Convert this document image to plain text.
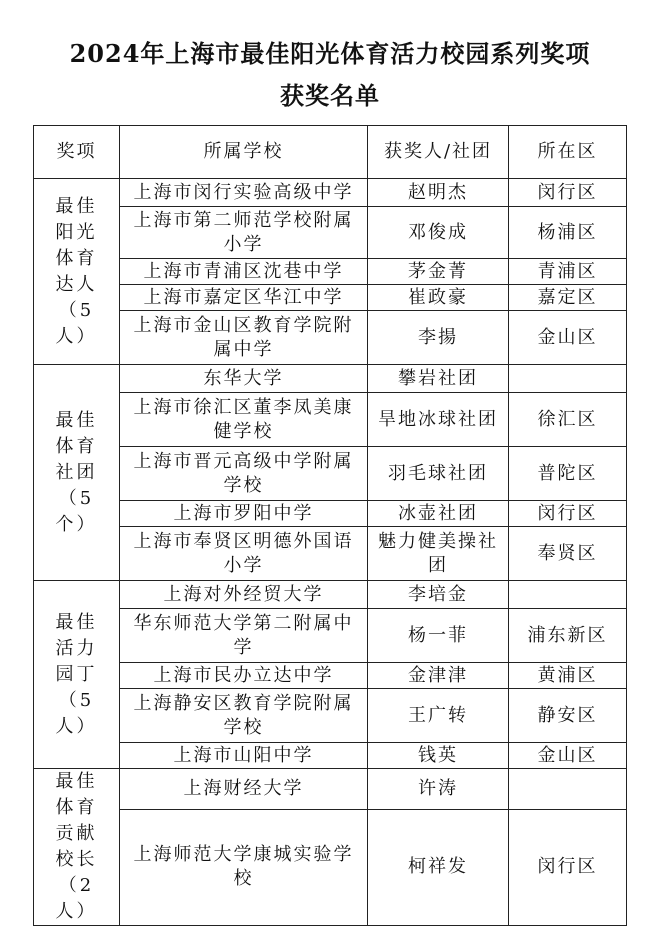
2024年上海市最佳阳光体育活力校园系列奖项
获奖名单
奖项	所属学校	获奖人/社团	所在区
最佳阳光体育达人（5人）	上海市闵行实验高级中学	赵明杰	闵行区
	上海市第二师范学校附属小学	邓俊成	杨浦区
	上海市青浦区沈巷中学	茅金菁	青浦区
	上海市嘉定区华江中学	崔政豪	嘉定区
	上海市金山区教育学院附属中学	李揚	金山区
最佳体育社团（5个）	东华大学	攀岩社团	
	上海市徐汇区董李凤美康健学校	旱地冰球社团	徐汇区
	上海市晋元高级中学附属学校	羽毛球社团	普陀区
	上海市罗阳中学	冰壶社团	闵行区
	上海市奉贤区明德外国语小学	魅力健美操社团	奉贤区
最佳活力园丁（5人）	上海对外经贸大学	李培金	
	华东师范大学第二附属中学	杨一菲	浦东新区
	上海市民办立达中学	金津津	黄浦区
	上海静安区教育学院附属学校	王广转	静安区
	上海市山阳中学	钱英	金山区
最佳体育贡献校长（2人）	上海财经大学	许涛	
	上海师范大学康城实验学校	柯祥发	闵行区
